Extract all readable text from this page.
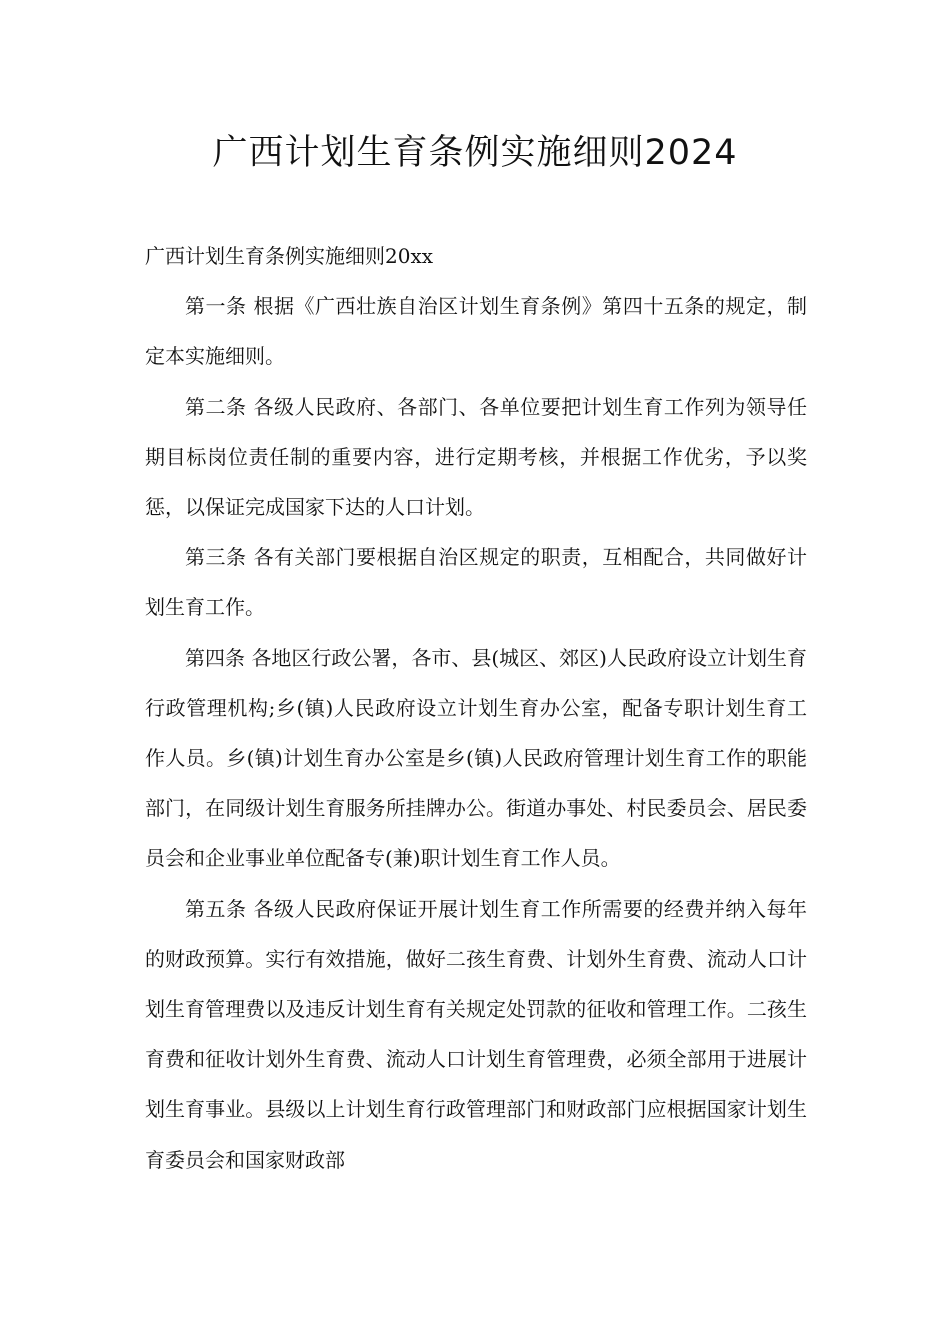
广西计划生育条例实施细则2024

广西计划生育条例实施细则20xx

第一条 根据《广西壮族自治区计划生育条例》第四十五条的规定，制定本实施细则。

第二条 各级人民政府、各部门、各单位要把计划生育工作列为领导任期目标岗位责任制的重要内容，进行定期考核，并根据工作优劣，予以奖惩，以保证完成国家下达的人口计划。

第三条 各有关部门要根据自治区规定的职责，互相配合，共同做好计划生育工作。

第四条 各地区行政公署，各市、县(城区、郊区)人民政府设立计划生育行政管理机构;乡(镇)人民政府设立计划生育办公室，配备专职计划生育工作人员。乡(镇)计划生育办公室是乡(镇)人民政府管理计划生育工作的职能部门，在同级计划生育服务所挂牌办公。街道办事处、村民委员会、居民委员会和企业事业单位配备专(兼)职计划生育工作人员。

第五条 各级人民政府保证开展计划生育工作所需要的经费并纳入每年的财政预算。实行有效措施，做好二孩生育费、计划外生育费、流动人口计划生育管理费以及违反计划生育有关规定处罚款的征收和管理工作。二孩生育费和征收计划外生育费、流动人口计划生育管理费，必须全部用于进展计划生育事业。县级以上计划生育行政管理部门和财政部门应根据国家计划生育委员会和国家财政部
